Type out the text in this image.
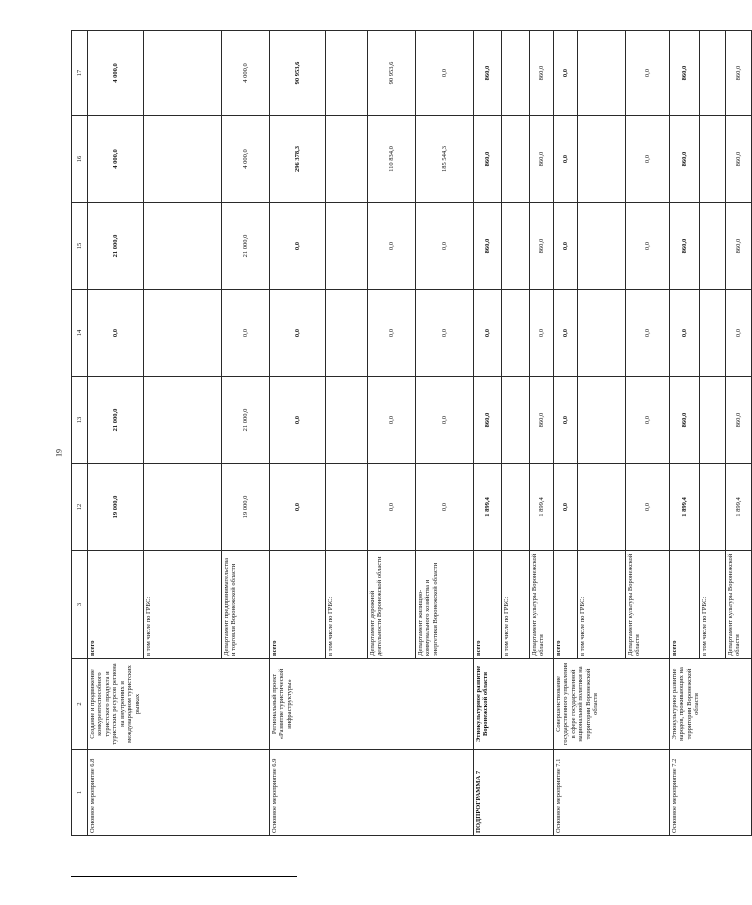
19
1	2	3	12	13	14	15	16	17
Основное мероприятие 6.8	Создание и продвижение конкурентоспособного туристского продукта и туристских ресурсов региона на внутренних и международном туристских рынках	всего	19 000,0	21 000,0	0,0	21 000,0	4 000,0	4 000,0
		в том числе по ГРБС:						
		Департамент предпринимательства и торговли Воронежской области	19 000,0	21 000,0	0,0	21 000,0	4 000,0	4 000,0
Основное мероприятие 6.9	Региональный проект «Развитие туристической инфраструктуры»	всего	0,0	0,0	0,0	0,0	296 378,3	90 953,6
		в том числе по ГРБС:						
		Департамент дорожной деятельности Воронежской области	0,0	0,0	0,0	0,0	110 834,0	90 953,6
		Департамент жилищно-коммунального хозяйства и энергетики Воронежской области	0,0	0,0	0,0	0,0	185 544,3	0,0
ПОДПРОГРАММА 7	Этнокультурное развитие Воронежской области	всего	1 899,4	860,0	0,0	860,0	860,0	860,0
		в том числе по ГРБС:						
		Департамент культуры Воронежской области	1 899,4	860,0	0,0	860,0	860,0	860,0
Основное мероприятие 7.1	Совершенствование государственного управления в сфере государственной национальной политики на территории Воронежской области	всего	0,0	0,0	0,0	0,0	0,0	0,0
		в том числе по ГРБС:						
		Департамент культуры Воронежской области	0,0	0,0	0,0	0,0	0,0	0,0
Основное мероприятие 7.2	Этнокультурное развитие народов, проживающих на территории Воронежской области	всего	1 899,4	860,0	0,0	860,0	860,0	860,0
		в том числе по ГРБС:						
		Департамент культуры Воронежской области	1 899,4	860,0	0,0	860,0	860,0	860,0
